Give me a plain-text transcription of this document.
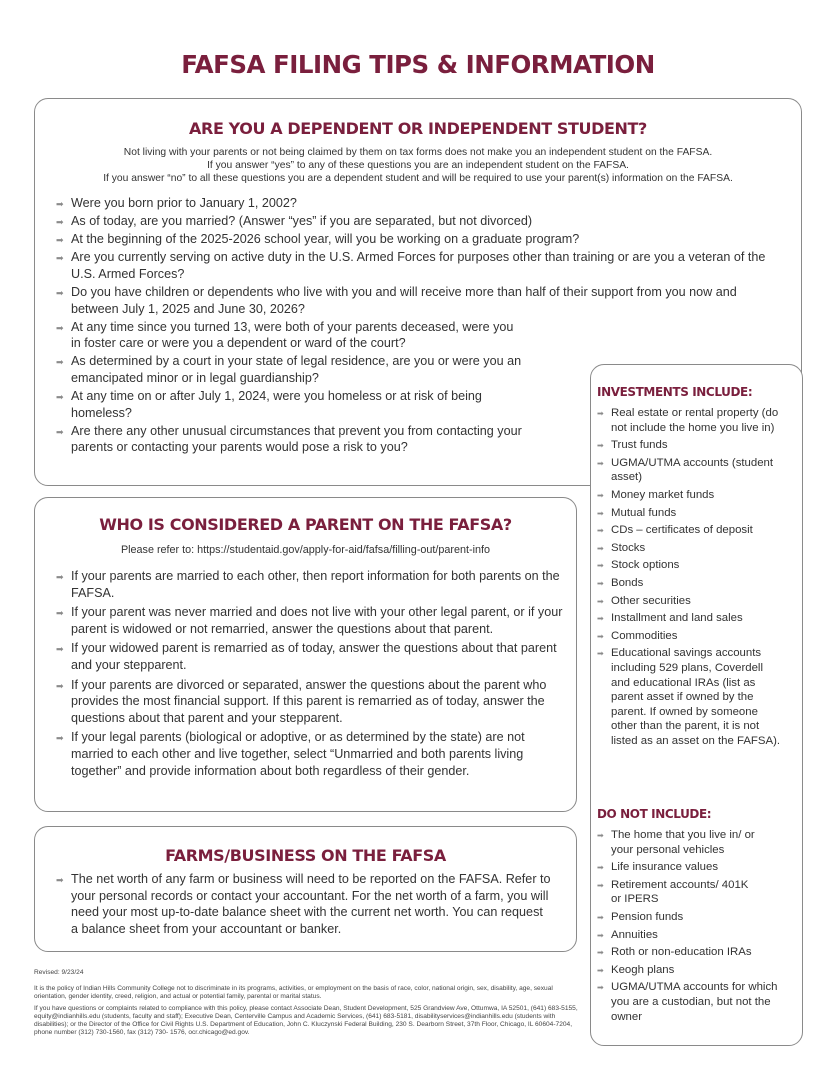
FAFSA FILING TIPS & INFORMATION
ARE YOU A DEPENDENT OR INDEPENDENT STUDENT?
Not living with your parents or not being claimed by them on tax forms does not make you an independent student on the FAFSA.
If you answer “yes” to any of these questions you are an independent student on the FAFSA.
If you answer “no” to all these questions you are a dependent student and will be required to use your parent(s) information on the FAFSA.
➡ Were you born prior to January 1, 2002?
➡ As of today, are you married? (Answer “yes” if you are separated, but not divorced)
➡ At the beginning of the 2025-2026 school year, will you be working on a graduate program?
➡ Are you currently serving on active duty in the U.S. Armed Forces for purposes other than training or are you a veteran of the U.S. Armed Forces?
➡ Do you have children or dependents who live with you and will receive more than half of their support from you now and between July 1, 2025 and June 30, 2026?
➡ At any time since you turned 13, were both of your parents deceased, were you in foster care or were you a dependent or ward of the court?
➡ As determined by a court in your state of legal residence, are you or were you an emancipated minor or in legal guardianship?
➡ At any time on or after July 1, 2024, were you homeless or at risk of being homeless?
➡ Are there any other unusual circumstances that prevent you from contacting your parents or contacting your parents would pose a risk to you?
INVESTMENTS INCLUDE:
➡ Real estate or rental property (do not include the home you live in)
➡ Trust funds
➡ UGMA/UTMA accounts (student asset)
➡ Money market funds
➡ Mutual funds
➡ CDs – certificates of deposit
➡ Stocks
➡ Stock options
➡ Bonds
➡ Other securities
➡ Installment and land sales
➡ Commodities
➡ Educational savings accounts including 529 plans, Coverdell and educational IRAs (list as parent asset if owned by the parent. If owned by someone other than the parent, it is not listed as an asset on the FAFSA).
DO NOT INCLUDE:
➡ The home that you live in/ or your personal vehicles
➡ Life insurance values
➡ Retirement accounts/ 401K or IPERS
➡ Pension funds
➡ Annuities
➡ Roth or non-education IRAs
➡ Keogh plans
➡ UGMA/UTMA accounts for which you are a custodian, but not the owner
WHO IS CONSIDERED A PARENT ON THE FAFSA?
Please refer to: https://studentaid.gov/apply-for-aid/fafsa/filling-out/parent-info
➡ If your parents are married to each other, then report information for both parents on the FAFSA.
➡ If your parent was never married and does not live with your other legal parent, or if your parent is widowed or not remarried, answer the questions about that parent.
➡ If your widowed parent is remarried as of today, answer the questions about that parent and your stepparent.
➡ If your parents are divorced or separated, answer the questions about the parent who provides the most financial support. If this parent is remarried as of today, answer the questions about that parent and your stepparent.
➡ If your legal parents (biological or adoptive, or as determined by the state) are not married to each other and live together, select “Unmarried and both parents living together” and provide information about both regardless of their gender.
FARMS/BUSINESS ON THE FAFSA
➡ The net worth of any farm or business will need to be reported on the FAFSA. Refer to your personal records or contact your accountant. For the net worth of a farm, you will need your most up-to-date balance sheet with the current net worth. You can request a balance sheet from your accountant or banker.
Revised: 9/23/24
It is the policy of Indian Hills Community College not to discriminate in its programs, activities, or employment on the basis of race, color, national origin, sex, disability, age, sexual orientation, gender identity, creed, religion, and actual or potential family, parental or marital status.
If you have questions or complaints related to compliance with this policy, please contact Associate Dean, Student Development, 525 Grandview Ave, Ottumwa, IA 52501, (641) 683-5155, equity@indianhills.edu (students, faculty and staff); Executive Dean, Centerville Campus and Academic Services, (641) 683-5181, disabilityservices@indianhills.edu (students with disabilities); or the Director of the Office for Civil Rights U.S. Department of Education, John C. Kluczynski Federal Building, 230 S. Dearborn Street, 37th Floor, Chicago, IL 60604-7204, phone number (312) 730-1560, fax (312) 730- 1576, ocr.chicago@ed.gov.
